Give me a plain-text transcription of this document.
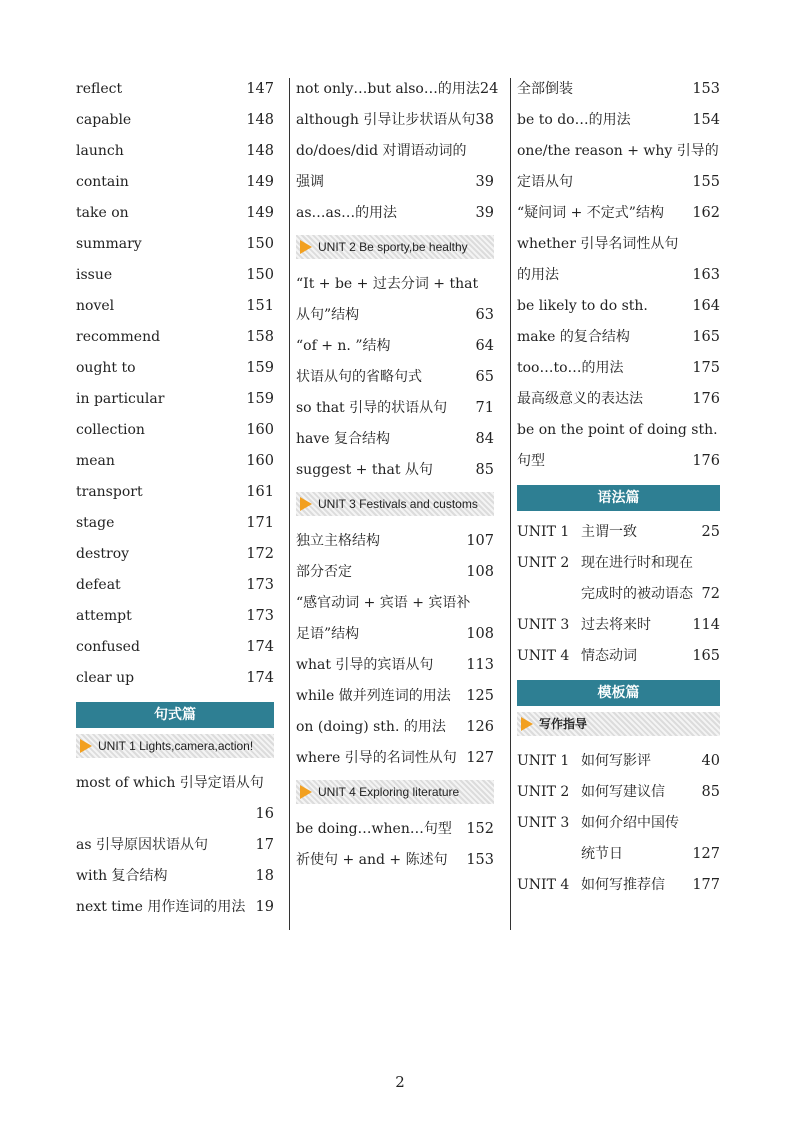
reflect	147
capable	148
launch	148
contain	149
take on	149
summary	150
issue	150
novel	151
recommend	158
ought to	159
in particular	159
collection	160
mean	160
transport	161
stage	171
destroy	172
defeat	173
attempt	173
confused	174
clear up	174
句式篇
UNIT 1 Lights,camera,action!
most of which 引导定语从句
16
as 引导原因状语从句	17
with 复合结构	18
next time 用作连词的用法 19
not only…but also…的用法 24
although 引导让步状语从句 38
do/does/did 对谓语动词的
强调	39
as…as…的用法	39
UNIT 2 Be sporty,be healthy
“It + be + 过去分词 + that
从句”结构	63
“of + n. ”结构	64
状语从句的省略句式	65
so that 引导的状语从句	71
have 复合结构	84
suggest + that 从句	85
UNIT 3 Festivals and customs
独立主格结构	107
部分否定	108
“感官动词 + 宾语 + 宾语补
足语”结构	108
what 引导的宾语从句	113
while 做并列连词的用法	125
on (doing) sth. 的用法	126
where 引导的名词性从句 127
UNIT 4 Exploring literature
be doing…when…句型 152
祈使句 + and + 陈述句	153
全部倒装	153
be to do…的用法	154
one/the reason + why 引导的
定语从句	155
“疑问词 + 不定式”结构	162
whether 引导名词性从句
的用法	163
be likely to do sth.	164
make 的复合结构	165
too…to…的用法	175
最高级意义的表达法	176
be on the point of doing sth.
句型	176
语法篇
UNIT 1 主谓一致	25
UNIT 2 现在进行时和现在
完成时的被动语态 72
UNIT 3 过去将来时	114
UNIT 4 情态动词	165
模板篇
写作指导
UNIT 1 如何写影评	40
UNIT 2 如何写建议信	85
UNIT 3 如何介绍中国传
统节日	127
UNIT 4 如何写推荐信	177
2
